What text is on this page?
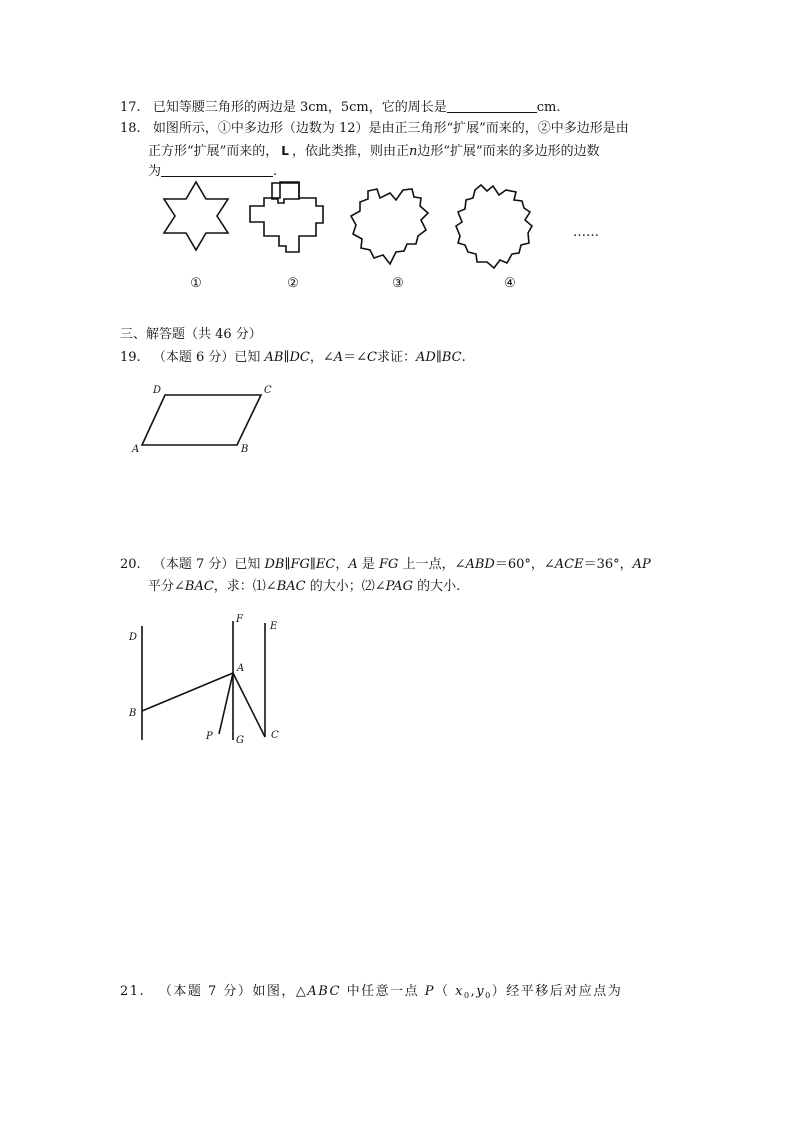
17. 已知等腰三角形的两边是 3cm，5cm，它的周长是	cm.
18. 如图所示，①中多边形（边数为 12）是由正三角形“扩展”而来的，②中多边形是由
正方形“扩展”而来的， L ，依此类推，则由正n边形“扩展”而来的多边形的边数
为	.
D	C
A	B
D
F
E
A
B
P G	C
①	②	③	④
……
三、解答题（共 46 分）
19. （本题 6 分）已知 AB∥DC，∠A＝∠C求证：AD∥BC.
20. （本题 7 分）已知 DB∥FG∥EC，A 是 FG 上一点，∠ABD＝60°，∠ACE＝36°，AP
平分∠BAC，求：⑴∠BAC 的大小；⑵∠PAG 的大小.
21. （本题 7 分）如图，△ABC 中任意一点 P（ $x_0,y_0$）经平移后对应点为
